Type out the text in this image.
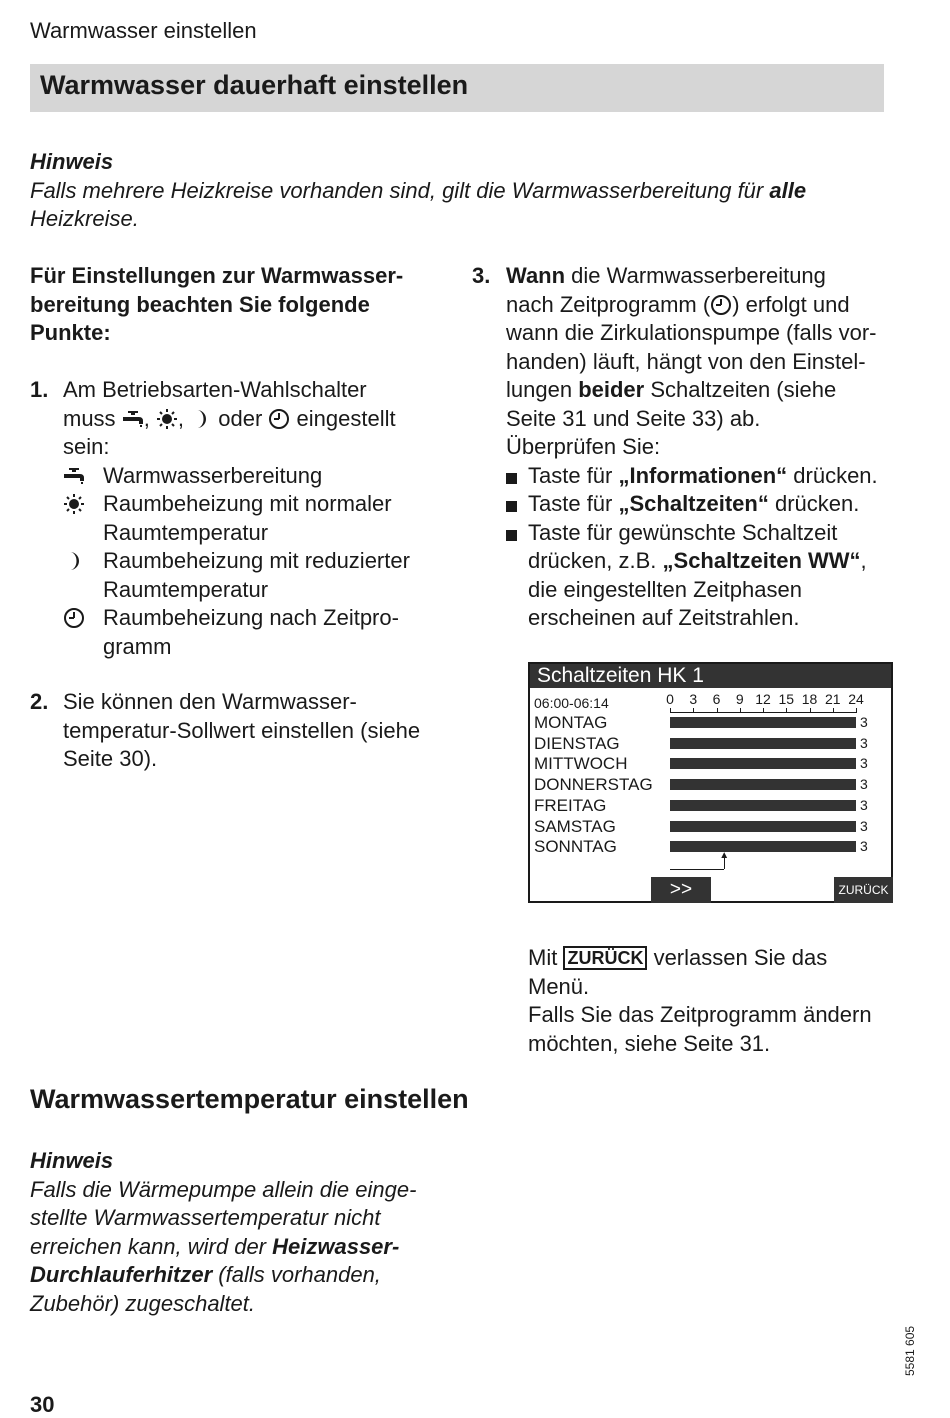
Warmwasser einstellen
Warmwasser dauerhaft einstellen
Hinweis
Falls mehrere Heizkreise vorhanden sind, gilt die Warmwasserbereitung für alle
Heizkreise.
Für Einstellungen zur Warmwasser-
bereitung beachten Sie folgende
Punkte:
1. Am Betriebsarten-Wahlschalter
muss
,
,
oder
eingestellt
sein:
Warmwasserbereitung
Raumbeheizung mit normaler
Raumtemperatur
Raumbeheizung mit reduzierter
Raumtemperatur
Raumbeheizung nach Zeitpro-
gramm
2. Sie können den Warmwasser-
temperatur-Sollwert einstellen (siehe
Seite 30).
3. Wann die Warmwasserbereitung
nach Zeitprogramm ( ) erfolgt und
wann die Zirkulationspumpe (falls vor-
handen) läuft, hängt von den Einstel-
lungen beider Schaltzeiten (siehe
Seite 31 und Seite 33) ab.
Überprüfen Sie:
Taste für „Informationen“ drücken.
Taste für „Schaltzeiten“ drücken.
Taste für gewünschte Schaltzeit
drücken, z.B. „Schaltzeiten WW“,
die eingestellten Zeitphasen
erscheinen auf Zeitstrahlen.
Schaltzeiten HK 1
06:00-06:14	0 3 6 9 12 15 18 21 24
MONTAG	3
DIENSTAG	3
MITTWOCH	3
DONNERSTAG	3
FREITAG	3
SAMSTAG	3
SONNTAG	3
▲
>>	ZURÜCK
Mit ZURÜCK verlassen Sie das
Menü.
Falls Sie das Zeitprogramm ändern
möchten, siehe Seite 31.
Warmwassertemperatur einstellen
Hinweis
Falls die Wärmepumpe allein die einge-
stellte Warmwassertemperatur nicht
erreichen kann, wird der Heizwasser-
Durchlauferhitzer (falls vorhanden,
Zubehör) zugeschaltet.
30
5581 605
